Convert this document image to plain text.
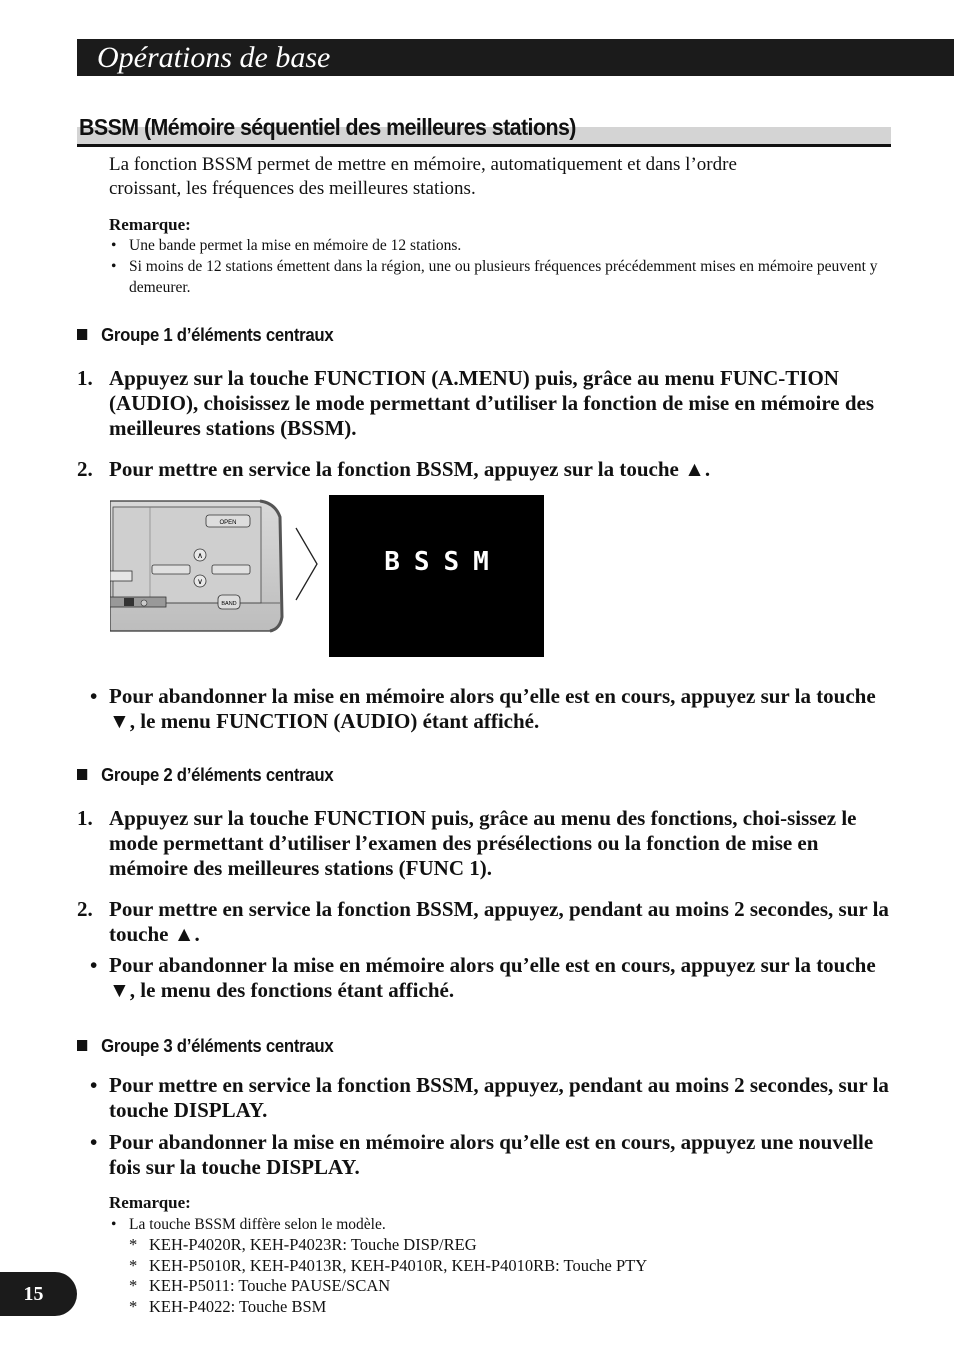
Opérations de base
BSSM (Mémoire séquentiel des meilleures stations)
La fonction BSSM permet de mettre en mémoire, automatiquement et dans l’ordre
croissant, les fréquences des meilleures stations.
Remarque:
• Une bande permet la mise en mémoire de 12 stations.
• Si moins de 12 stations émettent dans la région, une ou plusieurs fréquences précédemment mises en mémoire peuvent y demeurer.
Groupe 1 d’éléments centraux
1. Appuyez sur la touche FUNCTION (A.MENU) puis, grâce au menu FUNC-TION (AUDIO), choisissez le mode permettant d’utiliser la fonction de mise en mémoire des meilleures stations (BSSM).
2. Pour mettre en service la fonction BSSM, appuyez sur la touche ▲.
OPEN
∧
∨
BAND
BSSM
• Pour abandonner la mise en mémoire alors qu’elle est en cours, appuyez sur la touche ▼, le menu FUNCTION (AUDIO) étant affiché.
Groupe 2 d’éléments centraux
1. Appuyez sur la touche FUNCTION puis, grâce au menu des fonctions, choi-sissez le mode permettant d’utiliser l’examen des présélections ou la fonction de mise en mémoire des meilleures stations (FUNC 1).
2. Pour mettre en service la fonction BSSM, appuyez, pendant au moins 2 secondes, sur la touche ▲.
• Pour abandonner la mise en mémoire alors qu’elle est en cours, appuyez sur la touche ▼, le menu des fonctions étant affiché.
Groupe 3 d’éléments centraux
• Pour mettre en service la fonction BSSM, appuyez, pendant au moins 2 secondes, sur la touche DISPLAY.
• Pour abandonner la mise en mémoire alors qu’elle est en cours, appuyez une nouvelle fois sur la touche DISPLAY.
Remarque:
• La touche BSSM diffère selon le modèle.
* KEH-P4020R, KEH-P4023R: Touche DISP/REG
* KEH-P5010R, KEH-P4013R, KEH-P4010R, KEH-P4010RB: Touche PTY
* KEH-P5011: Touche PAUSE/SCAN
* KEH-P4022: Touche BSM
15
